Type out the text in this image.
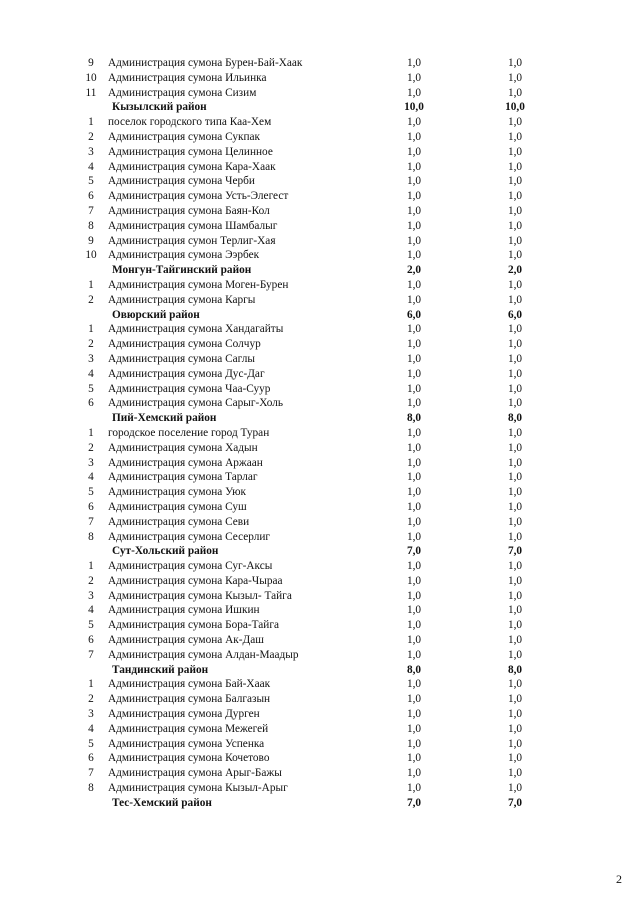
9	Администрация сумона Бурен-Бай-Хаак	1,0	1,0
10	Администрация сумона Ильинка	1,0	1,0
11	Администрация сумона Сизим	1,0	1,0
	Кызылский район	10,0	10,0
1	поселок городского типа Каа-Хем	1,0	1,0
2	Администрация сумона Сукпак	1,0	1,0
3	Администрация сумона Целинное	1,0	1,0
4	Администрация сумона Кара-Хаак	1,0	1,0
5	Администрация сумона Черби	1,0	1,0
6	Администрация сумона Усть-Элегест	1,0	1,0
7	Администрация сумона Баян-Кол	1,0	1,0
8	Администрация сумона Шамбалыг	1,0	1,0
9	Администрация сумон Терлиг-Хая	1,0	1,0
10	Администрация сумона Ээрбек	1,0	1,0
	Монгун-Тайгинский район	2,0	2,0
1	Администрация сумона Моген-Бурен	1,0	1,0
2	Администрация сумона Каргы	1,0	1,0
	Овюрский район	6,0	6,0
1	Администрация сумона Хандагайты	1,0	1,0
2	Администрация сумона Солчур	1,0	1,0
3	Администрация сумона Саглы	1,0	1,0
4	Администрация сумона Дус-Даг	1,0	1,0
5	Администрация сумона Чаа-Суур	1,0	1,0
6	Администрация сумона Сарыг-Холь	1,0	1,0
	Пий-Хемский район	8,0	8,0
1	городское поселение город Туран	1,0	1,0
2	Администрация сумона Хадын	1,0	1,0
3	Администрация сумона Аржаан	1,0	1,0
4	Администрация сумона Тарлаг	1,0	1,0
5	Администрация сумона Уюк	1,0	1,0
6	Администрация сумона Суш	1,0	1,0
7	Администрация сумона Севи	1,0	1,0
8	Администрация сумона Сесерлиг	1,0	1,0
	Сут-Хольский район	7,0	7,0
1	Администрация сумона Суг-Аксы	1,0	1,0
2	Администрация сумона Кара-Чыраа	1,0	1,0
3	Администрация сумона Кызыл- Тайга	1,0	1,0
4	Администрация сумона Ишкин	1,0	1,0
5	Администрация сумона Бора-Тайга	1,0	1,0
6	Администрация сумона Ак-Даш	1,0	1,0
7	Администрация сумона Алдан-Маадыр	1,0	1,0
	Тандинский район	8,0	8,0
1	Администрация сумона Бай-Хаак	1,0	1,0
2	Администрация сумона Балгазын	1,0	1,0
3	Администрация сумона Дурген	1,0	1,0
4	Администрация сумона Межегей	1,0	1,0
5	Администрация сумона Успенка	1,0	1,0
6	Администрация сумона Кочетово	1,0	1,0
7	Администрация сумона Арыг-Бажы	1,0	1,0
8	Администрация сумона Кызыл-Арыг	1,0	1,0
	Тес-Хемский район	7,0	7,0
2
